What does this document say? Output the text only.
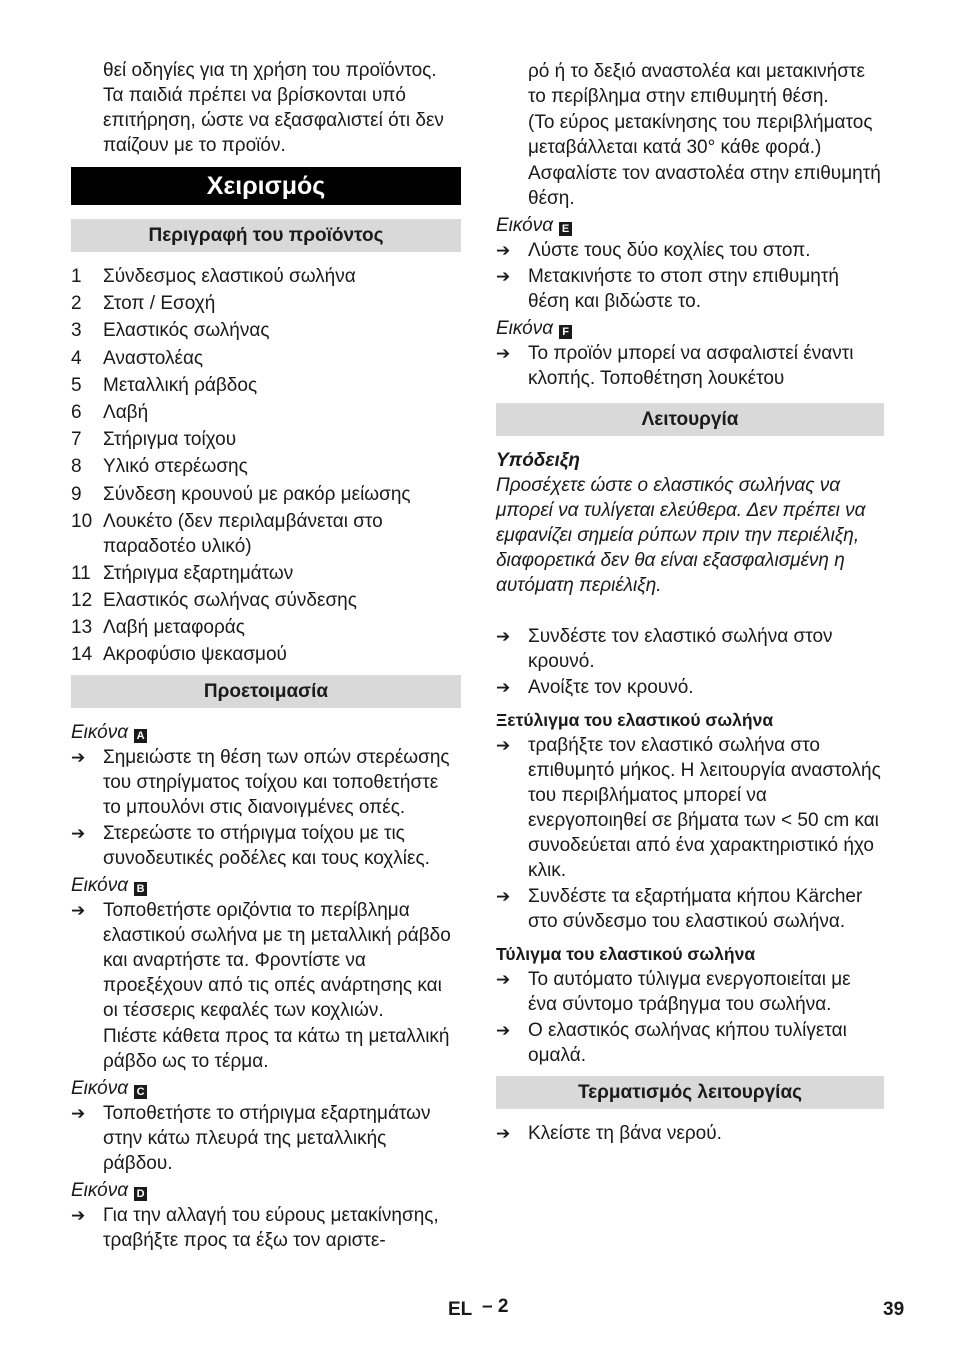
θεί οδηγίες για τη χρήση του προϊόντος. Τα παιδιά πρέπει να βρίσκονται υπό επιτήρηση, ώστε να εξασφαλιστεί ότι δεν παίζουν με το προϊόν.

Χειρισμός
Περιγραφή του προϊόντος
1	Σύνδεσμος ελαστικού σωλήνα
2	Στοπ / Εσοχή
3	Ελαστικός σωλήνας
4	Αναστολέας
5	Μεταλλική ράβδος
6	Λαβή
7	Στήριγμα τοίχου
8	Υλικό στερέωσης
9	Σύνδεση κρουνού με ρακόρ μείωσης
10 Λουκέτο (δεν περιλαμβάνεται στο παραδοτέο υλικό)
11 Στήριγμα εξαρτημάτων
12 Ελαστικός σωλήνας σύνδεσης
13 Λαβή μεταφοράς
14 Ακροφύσιο ψεκασμού
Προετοιμασία

Εικόνα A

➔ Σημειώστε τη θέση των οπών στερέωσης του στηρίγματος τοίχου και τοποθετήστε το μπουλόνι στις διανοιγμένες οπές.
➔ Στερεώστε το στήριγμα τοίχου με τις συνοδευτικές ροδέλες και τους κοχλίες.

Εικόνα B

➔ Τοποθετήστε οριζόντια το περίβλημα ελαστικού σωλήνα με τη μεταλλική ράβδο και αναρτήστε τα. Φροντίστε να προεξέχουν από τις οπές ανάρτησης και οι τέσσερις κεφαλές των κοχλιών.

Πιέστε κάθετα προς τα κάτω τη μεταλλική ράβδο ως το τέρμα.

Εικόνα C

➔ Τοποθετήστε το στήριγμα εξαρτημάτων στην κάτω πλευρά της μεταλλικής ράβδου.

Εικόνα D

➔ Για την αλλαγή του εύρους μετακίνησης, τραβήξτε προς τα έξω τον αριστε-

ρό ή το δεξιό αναστολέα και μετακινήστε το περίβλημα στην επιθυμητή θέση.

(Το εύρος μετακίνησης του περιβλήματος μεταβάλλεται κατά 30° κάθε φορά.)

Ασφαλίστε τον αναστολέα στην επιθυμητή θέση.

Εικόνα E

➔ Λύστε τους δύο κοχλίες του στοπ.
➔ Μετακινήστε το στοπ στην επιθυμητή θέση και βιδώστε το.

Εικόνα F

➔ Το προϊόν μπορεί να ασφαλιστεί έναντι κλοπής. Τοποθέτηση λουκέτου
Λειτουργία

Υπόδειξη

Προσέχετε ώστε ο ελαστικός σωλήνας να μπορεί να τυλίγεται ελεύθερα. Δεν πρέπει να εμφανίζει σημεία ρύπων πριν την περιέλιξη, διαφορετικά δεν θα είναι εξασφαλισμένη η αυτόματη περιέλιξη.

➔ Συνδέστε τον ελαστικό σωλήνα στον κρουνό.
➔ Ανοίξτε τον κρουνό.

Ξετύλιγμα του ελαστικού σωλήνα

➔ τραβήξτε τον ελαστικό σωλήνα στο επιθυμητό μήκος. Η λειτουργία αναστολής του περιβλήματος μπορεί να ενεργοποιηθεί σε βήματα των < 50 cm και συνοδεύεται από ένα χαρακτηριστικό ήχο κλικ.
➔ Συνδέστε τα εξαρτήματα κήπου Kärcher στο σύνδεσμο του ελαστικού σωλήνα.

Τύλιγμα του ελαστικού σωλήνα

➔ Το αυτόματο τύλιγμα ενεργοποιείται με ένα σύντομο τράβηγμα του σωλήνα.
➔ Ο ελαστικός σωλήνας κήπου τυλίγεται ομαλά.
Τερματισμός λειτουργίας
➔ Κλείστε τη βάνα νερού.
EL – 2	39
